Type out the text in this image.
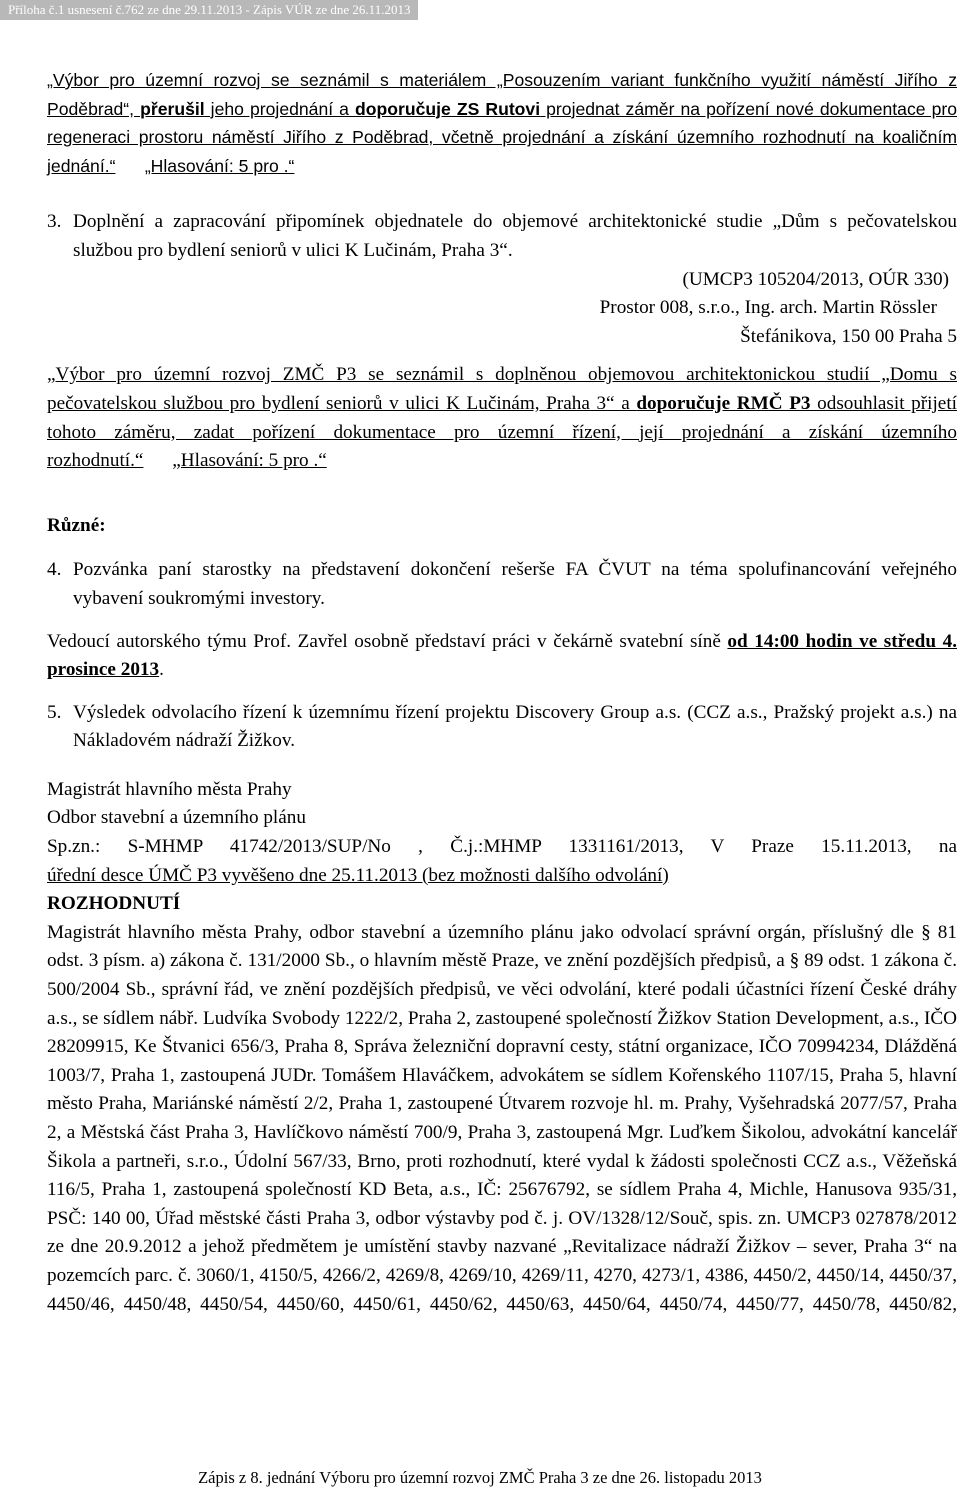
Příloha č.1 usnesení č.762 ze dne 29.11.2013 - Zápis VÚR ze dne 26.11.2013

„Výbor pro územní rozvoj se seznámil s materiálem „Posouzením variant funkčního využití náměstí Jiřího z Poděbrad“, přerušil jeho projednání a doporučuje ZS Rutovi projednat záměr na pořízení nové dokumentace pro regeneraci prostoru náměstí Jiřího z Poděbrad, včetně projednání a získání územního rozhodnutí na koaličním jednání.“ „Hlasování: 5 pro .“

3. Doplnění a zapracování připomínek objednatele do objemové architektonické studie „Dům s pečovatelskou službou pro bydlení seniorů v ulici K Lučinám, Praha 3“.

(UMCP3 105204/2013, OÚR 330)

Prostor 008, s.r.o., Ing. arch. Martin Rössler

Štefánikova, 150 00 Praha 5

„Výbor pro územní rozvoj ZMČ P3 se seznámil s doplněnou objemovou architektonickou studií „Domu s pečovatelskou službou pro bydlení seniorů v ulici K Lučinám, Praha 3“ a doporučuje RMČ P3 odsouhlasit přijetí tohoto záměru, zadat pořízení dokumentace pro územní řízení, její projednání a získání územního rozhodnutí.“ „Hlasování: 5 pro .“

Různé:

4. Pozvánka paní starostky na představení dokončení rešerše FA ČVUT na téma spolufinancování veřejného vybavení soukromými investory.

Vedoucí autorského týmu Prof. Zavřel osobně představí práci v čekárně svatební síně od 14:00 hodin ve středu 4. prosince 2013.

5. Výsledek odvolacího řízení k územnímu řízení projektu Discovery Group a.s. (CCZ a.s., Pražský projekt a.s.) na Nákladovém nádraží Žižkov.

Magistrát hlavního města Prahy

Odbor stavební a územního plánu

Sp.zn.: S-MHMP 41742/2013/SUP/No , Č.j.:MHMP 1331161/2013, V Praze 15.11.2013, na

úřední desce ÚMČ P3 vyvěšeno dne 25.11.2013 (bez možnosti dalšího odvolání)

ROZHODNUTÍ

Magistrát hlavního města Prahy, odbor stavební a územního plánu jako odvolací správní orgán, příslušný dle § 81 odst. 3 písm. a) zákona č. 131/2000 Sb., o hlavním městě Praze, ve znění pozdějších předpisů, a § 89 odst. 1 zákona č. 500/2004 Sb., správní řád, ve znění pozdějších předpisů, ve věci odvolání, které podali účastníci řízení České dráhy a.s., se sídlem nábř. Ludvíka Svobody 1222/2, Praha 2, zastoupené společností Žižkov Station Development, a.s., IČO 28209915, Ke Štvanici 656/3, Praha 8, Správa železniční dopravní cesty, státní organizace, IČO 70994234, Dlážděná 1003/7, Praha 1, zastoupená JUDr. Tomášem Hlaváčkem, advokátem se sídlem Kořenského 1107/15, Praha 5, hlavní město Praha, Mariánské náměstí 2/2, Praha 1, zastoupené Útvarem rozvoje hl. m. Prahy, Vyšehradská 2077/57, Praha 2, a Městská část Praha 3, Havlíčkovo náměstí 700/9, Praha 3, zastoupená Mgr. Luďkem Šikolou, advokátní kancelář Šikola a partneři, s.r.o., Údolní 567/33, Brno, proti rozhodnutí, které vydal k žádosti společnosti CCZ a.s., Věžeňská 116/5, Praha 1, zastoupená společností KD Beta, a.s., IČ: 25676792, se sídlem Praha 4, Michle, Hanusova 935/31, PSČ: 140 00, Úřad městské části Praha 3, odbor výstavby pod č. j. OV/1328/12/Souč, spis. zn. UMCP3 027878/2012 ze dne 20.9.2012 a jehož předmětem je umístění stavby nazvané „Revitalizace nádraží Žižkov – sever, Praha 3“ na pozemcích parc. č. 3060/1, 4150/5, 4266/2, 4269/8, 4269/10, 4269/11, 4270, 4273/1, 4386, 4450/2, 4450/14, 4450/37, 4450/46, 4450/48, 4450/54, 4450/60, 4450/61, 4450/62, 4450/63, 4450/64, 4450/74, 4450/77, 4450/78, 4450/82,

Zápis z 8. jednání Výboru pro územní rozvoj ZMČ Praha 3 ze dne 26. listopadu 2013
